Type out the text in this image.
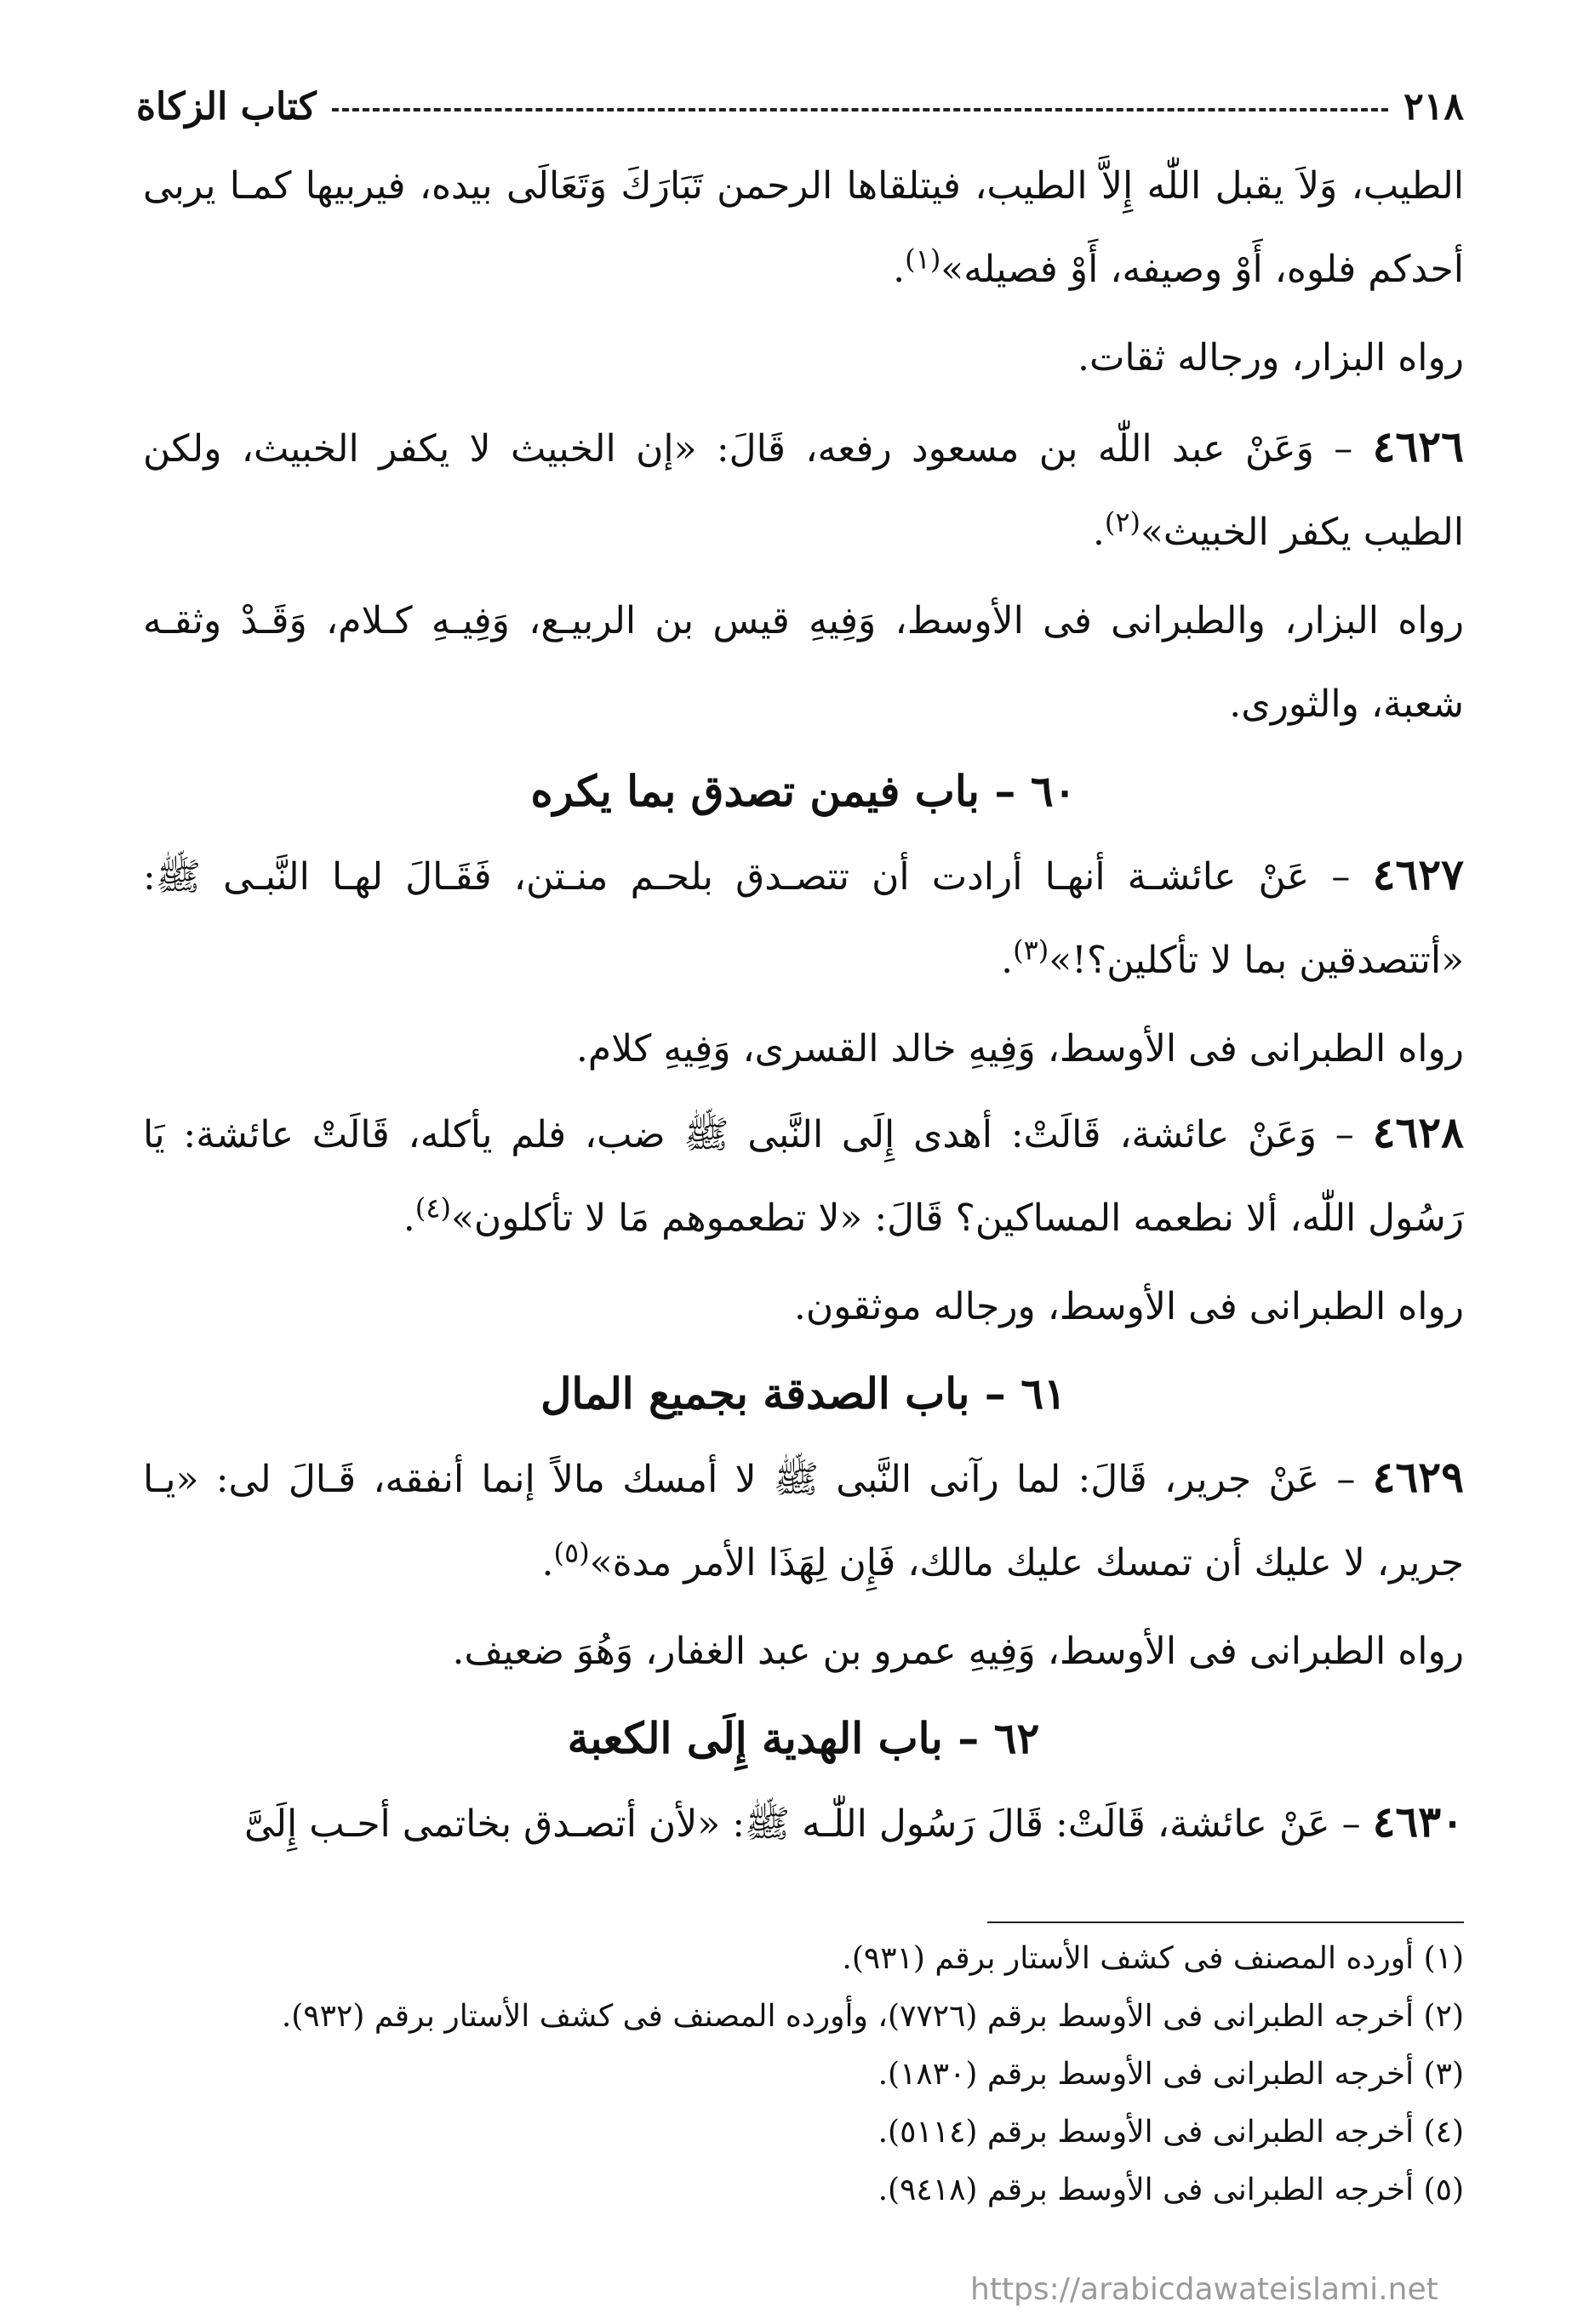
٢١٨
كتاب الزكاة

الطيب، وَلاَ يقبل اللّٰه إِلاَّ الطيب، فيتلقاها الرحمن تَبَارَكَ وَتَعَالَى بيده، فيربيها كمـا يربى أحدكم فلوه، أَوْ وصيفه، أَوْ فصيله»$^{(١)}$.

رواه البزار، ورجاله ثقات.

٤٦٢٦ – وَعَنْ عبد اللّٰه بن مسعود رفعه، قَالَ: «إن الخبيث لا يكفر الخبيث، ولكن الطيب يكفر الخبيث»$^{(٢)}$.

رواه البزار، والطبرانى فى الأوسط، وَفِيهِ قيس بن الربيـع، وَفِيـهِ كـلام، وَقَـدْ وثقـه شعبة، والثورى.

٦٠ – باب فيمن تصدق بما يكره

٤٦٢٧ – عَنْ عائشـة أنهـا أرادت أن تتصـدق بلحـم منـتن، فَقَـالَ لهـا النَّبـى ﷺ: «أتتصدقين بما لا تأكلين؟!»$^{(٣)}$.

رواه الطبرانى فى الأوسط، وَفِيهِ خالد القسرى، وَفِيهِ كلام.

٤٦٢٨ – وَعَنْ عائشة، قَالَتْ: أهدى إِلَى النَّبى ﷺ ضب، فلم يأكله، قَالَتْ عائشة: يَا رَسُول اللّٰه، ألا نطعمه المساكين؟ قَالَ: «لا تطعموهم مَا لا تأكلون»$^{(٤)}$.

رواه الطبرانى فى الأوسط، ورجاله موثقون.

٦١ – باب الصدقة بجميع المال

٤٦٢٩ – عَنْ جرير، قَالَ: لما رآنى النَّبى ﷺ لا أمسك مالاً إنما أنفقه، قَـالَ لى: «يـا جرير، لا عليك أن تمسك عليك مالك، فَإِن لِهَذَا الأمر مدة»$^{(٥)}$.

رواه الطبرانى فى الأوسط، وَفِيهِ عمرو بن عبد الغفار، وَهُوَ ضعيف.

٦٢ – باب الهدية إِلَى الكعبة

٤٦٣٠ – عَنْ عائشة، قَالَتْ: قَالَ رَسُول اللّٰـه ﷺ: «لأن أتصـدق بخاتمى أحـب إِلَىَّ

(١) أورده المصنف فى كشف الأستار برقم (٩٣١).
(٢) أخرجه الطبرانى فى الأوسط برقم (٧٧٢٦)، وأورده المصنف فى كشف الأستار برقم (٩٣٢).
(٣) أخرجه الطبرانى فى الأوسط برقم (١٨٣٠).
(٤) أخرجه الطبرانى فى الأوسط برقم (٥١١٤).
(٥) أخرجه الطبرانى فى الأوسط برقم (٩٤١٨).
https://arabicdawateislami.net
